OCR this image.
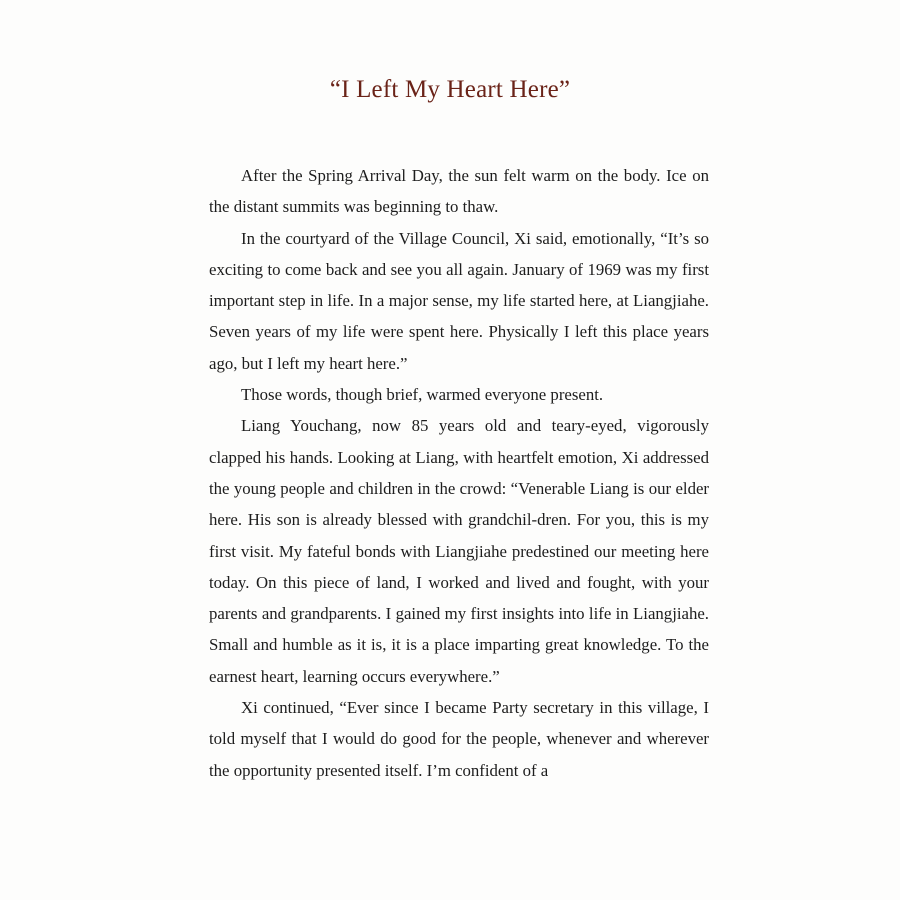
“I Left My Heart Here”

After the Spring Arrival Day, the sun felt warm on the body. Ice on the distant summits was beginning to thaw.

In the courtyard of the Village Council, Xi said, emotionally, “It’s so exciting to come back and see you all again. January of 1969 was my first important step in life. In a major sense, my life started here, at Liangjiahe. Seven years of my life were spent here. Physically I left this place years ago, but I left my heart here.”

Those words, though brief, warmed everyone present.

Liang Youchang, now 85 years old and teary-eyed, vigorously clapped his hands. Looking at Liang, with heartfelt emotion, Xi addressed the young people and children in the crowd: “Venerable Liang is our elder here. His son is already blessed with grandchil-dren. For you, this is my first visit. My fateful bonds with Liangjiahe predestined our meeting here today. On this piece of land, I worked and lived and fought, with your parents and grandparents. I gained my first insights into life in Liangjiahe. Small and humble as it is, it is a place imparting great knowledge. To the earnest heart, learning occurs everywhere.”

Xi continued, “Ever since I became Party secretary in this village, I told myself that I would do good for the people, whenever and wherever the opportunity presented itself. I’m confident of a
